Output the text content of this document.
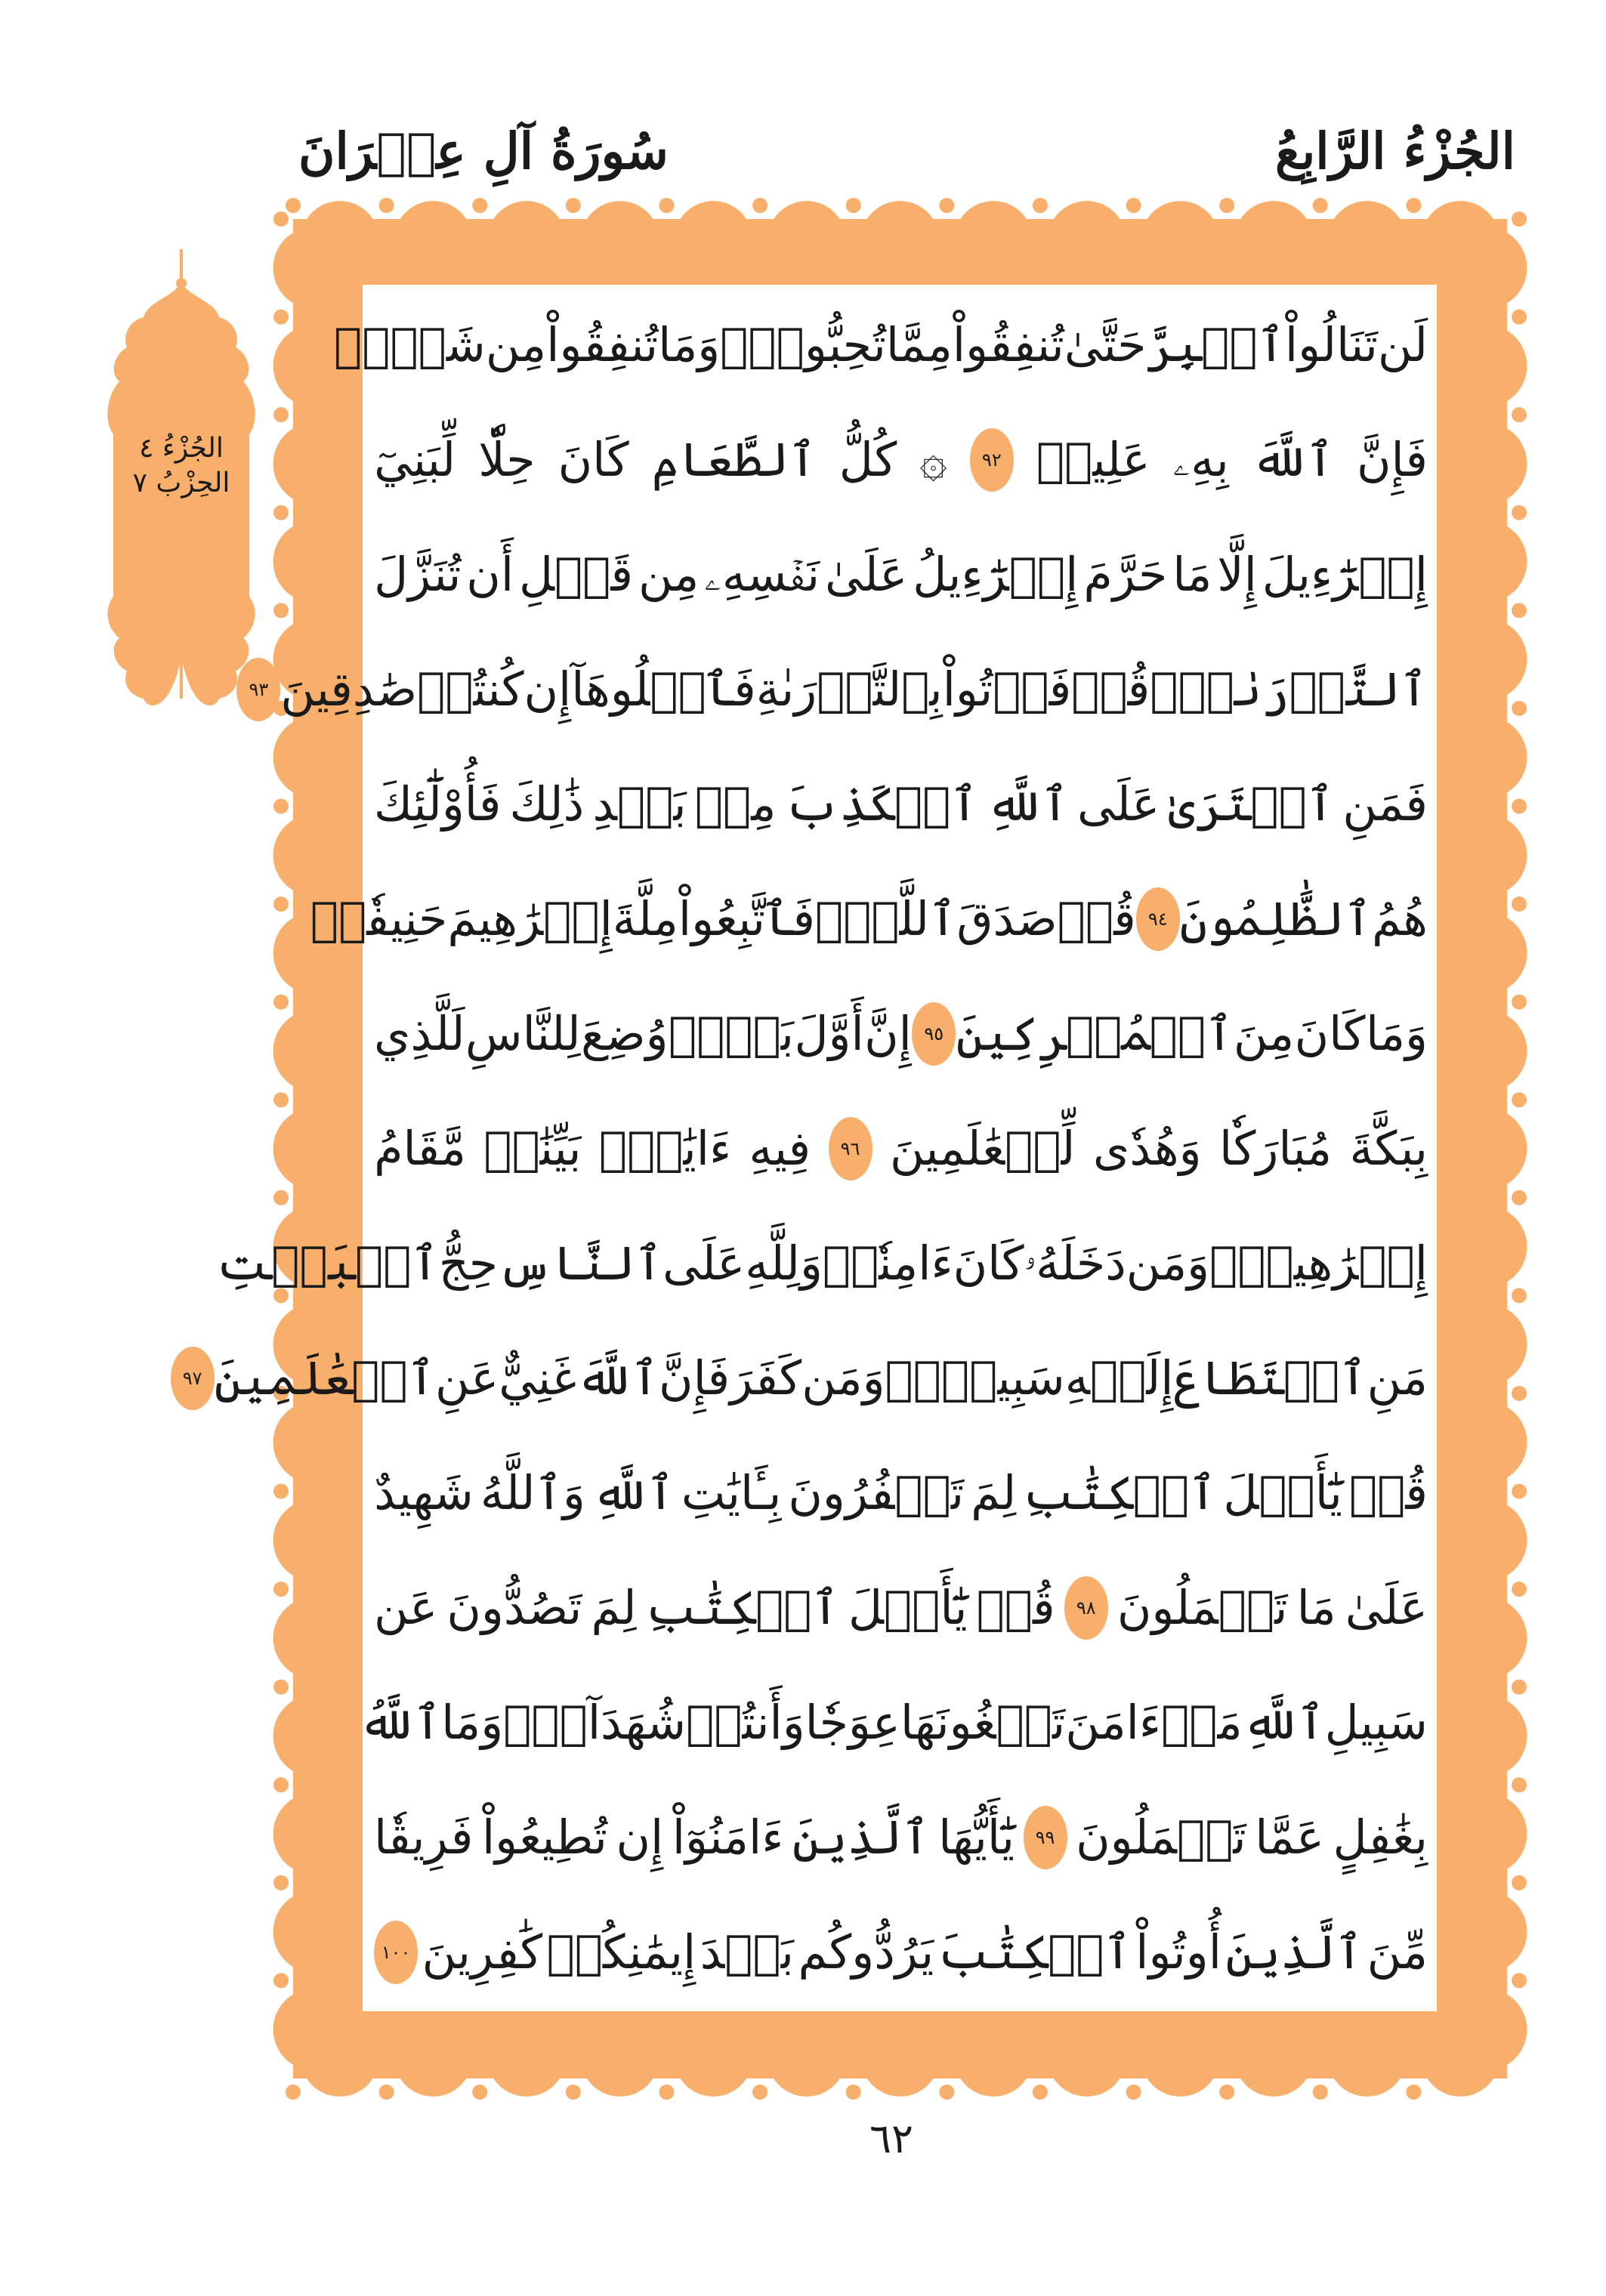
الجُزْءُ الرَّابِعُ
سُورَةُ آلِ عِمۡرَانَ
الجُزْءُ ٤
الحِزْبُ ٧
لَن
تَنَالُواْ
ٱلۡبِرَّ
حَتَّىٰ
تُنفِقُواْ
مِمَّا
تُحِبُّونَۚ
وَمَا
تُنفِقُواْ
مِن
شَيۡءٖ
فَإِنَّ
ٱللَّهَ
بِهِۦ
عَلِيمٞ
٩٢
۞
كُلُّ
ٱلطَّعَامِ
كَانَ
حِلّٗا
لِّبَنِيٓ
إِسۡرَٰٓءِيلَ
إِلَّا
مَا
حَرَّمَ
إِسۡرَٰٓءِيلُ
عَلَىٰ
نَفۡسِهِۦ
مِن
قَبۡلِ
أَن
تُنَزَّلَ
ٱلتَّوۡرَىٰةُۚ
قُلۡ
فَأۡتُواْ
بِٱلتَّوۡرَىٰةِ
فَٱتۡلُوهَآ
إِن
كُنتُمۡ
صَٰدِقِينَ
٩٣
فَمَنِ
ٱفۡتَرَىٰ
عَلَى
ٱللَّهِ
ٱلۡكَذِبَ
مِنۢ
بَعۡدِ
ذَٰلِكَ
فَأُوْلَٰٓئِكَ
هُمُ
ٱلظَّٰلِمُونَ
٩٤
قُلۡ
صَدَقَ
ٱللَّهُۗ
فَٱتَّبِعُواْ
مِلَّةَ
إِبۡرَٰهِيمَ
حَنِيفٗاۖ
وَمَا
كَانَ
مِنَ
ٱلۡمُشۡرِكِينَ
٩٥
إِنَّ
أَوَّلَ
بَيۡتٖ
وُضِعَ
لِلنَّاسِ
لَلَّذِي
بِبَكَّةَ
مُبَارَكٗا
وَهُدٗى
لِّلۡعَٰلَمِينَ
٩٦
فِيهِ
ءَايَٰتُۢ
بَيِّنَٰتٞ
مَّقَامُ
إِبۡرَٰهِيمَۖ
وَمَن
دَخَلَهُۥ
كَانَ
ءَامِنٗاۗ
وَلِلَّهِ
عَلَى
ٱلنَّاسِ
حِجُّ
ٱلۡبَيۡتِ
مَنِ
ٱسۡتَطَاعَ
إِلَيۡهِ
سَبِيلٗاۚ
وَمَن
كَفَرَ
فَإِنَّ
ٱللَّهَ
غَنِيٌّ
عَنِ
ٱلۡعَٰلَمِينَ
٩٧
قُلۡ
يَٰٓأَهۡلَ
ٱلۡكِتَٰبِ
لِمَ
تَكۡفُرُونَ
بِـَٔايَٰتِ
ٱللَّهِ
وَٱللَّهُ
شَهِيدٌ
عَلَىٰ
مَا
تَعۡمَلُونَ
٩٨
قُلۡ
يَٰٓأَهۡلَ
ٱلۡكِتَٰبِ
لِمَ
تَصُدُّونَ
عَن
سَبِيلِ
ٱللَّهِ
مَنۡ
ءَامَنَ
تَبۡغُونَهَا
عِوَجٗا
وَأَنتُمۡ
شُهَدَآءُۗ
وَمَا
ٱللَّهُ
بِغَٰفِلٍ
عَمَّا
تَعۡمَلُونَ
٩٩
يَٰٓأَيُّهَا
ٱلَّذِينَ
ءَامَنُوٓاْ
إِن
تُطِيعُواْ
فَرِيقٗا
مِّنَ
ٱلَّذِينَ
أُوتُواْ
ٱلۡكِتَٰبَ
يَرُدُّوكُم
بَعۡدَ
إِيمَٰنِكُمۡ
كَٰفِرِينَ
١٠٠
٦٢
